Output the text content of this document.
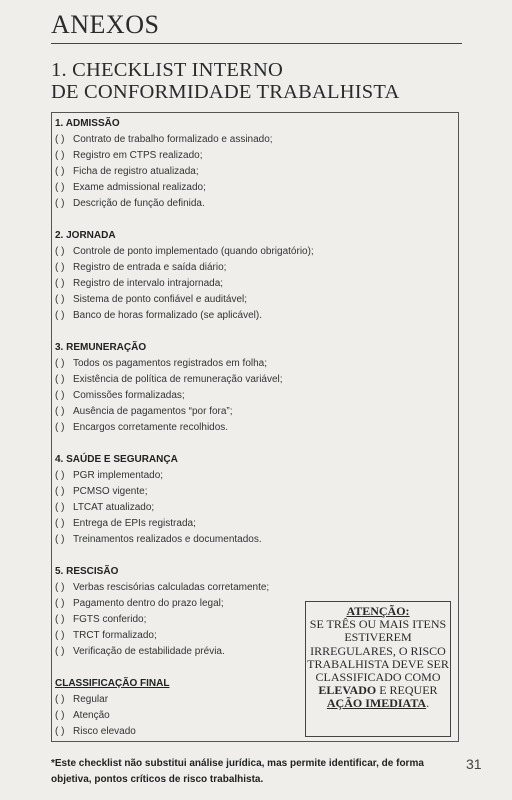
ANEXOS
1. CHECKLIST INTERNO
DE CONFORMIDADE TRABALHISTA
1. ADMISSÃO
( ) Contrato de trabalho formalizado e assinado;
( ) Registro em CTPS realizado;
( ) Ficha de registro atualizada;
( ) Exame admissional realizado;
( ) Descrição de função definida.
2. JORNADA
( ) Controle de ponto implementado (quando obrigatório);
( ) Registro de entrada e saída diário;
( ) Registro de intervalo intrajornada;
( ) Sistema de ponto confiável e auditável;
( ) Banco de horas formalizado (se aplicável).
3. REMUNERAÇÃO
( ) Todos os pagamentos registrados em folha;
( ) Existência de política de remuneração variável;
( ) Comissões formalizadas;
( ) Ausência de pagamentos “por fora”;
( ) Encargos corretamente recolhidos.
4. SAÚDE E SEGURANÇA
( ) PGR implementado;
( ) PCMSO vigente;
( ) LTCAT atualizado;
( ) Entrega de EPIs registrada;
( ) Treinamentos realizados e documentados.
5. RESCISÃO
( ) Verbas rescisórias calculadas corretamente;
( ) Pagamento dentro do prazo legal;
( ) FGTS conferido;
( ) TRCT formalizado;
( ) Verificação de estabilidade prévia.
CLASSIFICAÇÃO FINAL
( ) Regular
( ) Atenção
( ) Risco elevado
ATENÇÃO:
SE TRÊS OU MAIS ITENS ESTIVEREM IRREGULARES, O RISCO TRABALHISTA DEVE SER CLASSIFICADO COMO ELEVADO E REQUER AÇÃO IMEDIATA.
*Este checklist não substitui análise jurídica, mas permite identificar, de forma objetiva, pontos críticos de risco trabalhista.
31
